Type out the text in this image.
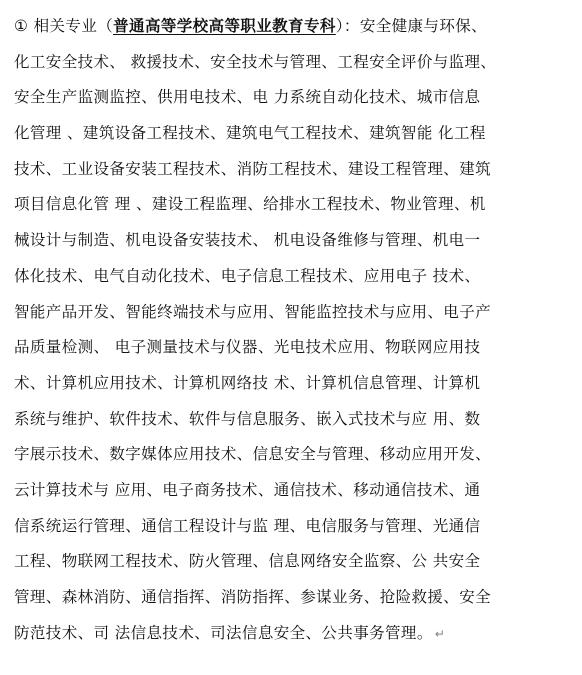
① 相关专业（普通高等学校高等职业教育专科）：安全健康与环保、
化工安全技术、 救援技术、安全技术与管理、工程安全评价与监理、
安全生产监测监控、供用电技术、电 力系统自动化技术、城市信息
化管理 、建筑设备工程技术、建筑电气工程技术、建筑智能 化工程
技术、工业设备安装工程技术、消防工程技术、建设工程管理、建筑
项目信息化管 理 、建设工程监理、给排水工程技术、物业管理、机
械设计与制造、机电设备安装技术、 机电设备维修与管理、机电一
体化技术、电气自动化技术、电子信息工程技术、应用电子 技术、
智能产品开发、智能终端技术与应用、智能监控技术与应用、电子产
品质量检测、 电子测量技术与仪器、光电技术应用、物联网应用技
术、计算机应用技术、计算机网络技 术、计算机信息管理、计算机
系统与维护、软件技术、软件与信息服务、嵌入式技术与应 用、数
字展示技术、数字媒体应用技术、信息安全与管理、移动应用开发、
云计算技术与 应用、电子商务技术、通信技术、移动通信技术、通
信系统运行管理、通信工程设计与监 理、电信服务与管理、光通信
工程、物联网工程技术、防火管理、信息网络安全监察、公 共安全
管理、森林消防、通信指挥、消防指挥、参谋业务、抢险救援、安全
防范技术、司 法信息技术、司法信息安全、公共事务管理。 ↵
